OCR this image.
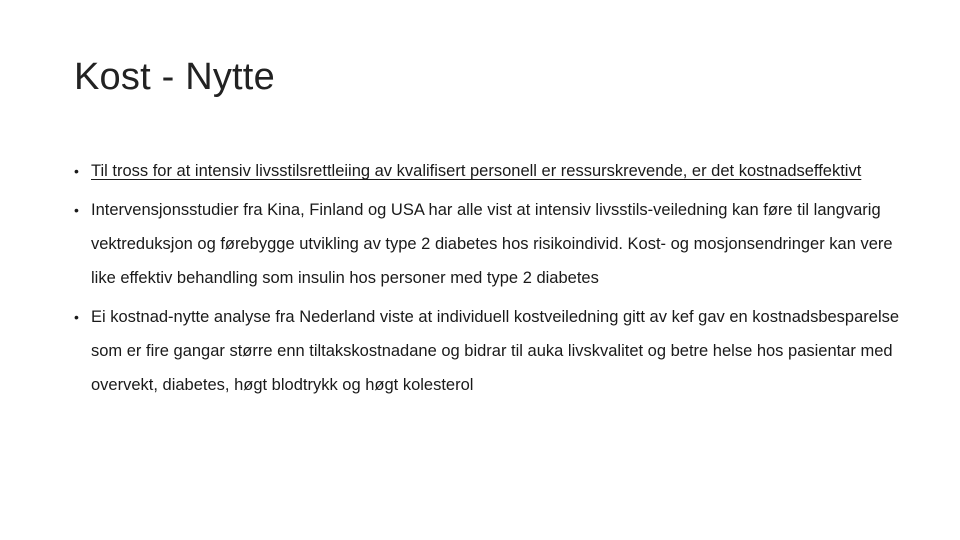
Kost - Nytte
• Til tross for at intensiv livsstilsrettleiing av kvalifisert personell er ressurskrevende, er det kostnadseffektivt
• Intervensjonsstudier fra Kina, Finland og USA har alle vist at intensiv livsstils-veiledning kan føre til langvarig vektreduksjon og førebygge utvikling av type 2 diabetes hos risikoindivid. Kost- og mosjonsendringer kan vere like effektiv behandling som insulin hos personer med type 2 diabetes
• Ei kostnad-nytte analyse fra Nederland viste at individuell kostveiledning gitt av kef gav en kostnadsbesparelse som er fire gangar større enn tiltakskostnadane og bidrar til auka livskvalitet og betre helse hos pasientar med overvekt, diabetes, høgt blodtrykk og høgt kolesterol
